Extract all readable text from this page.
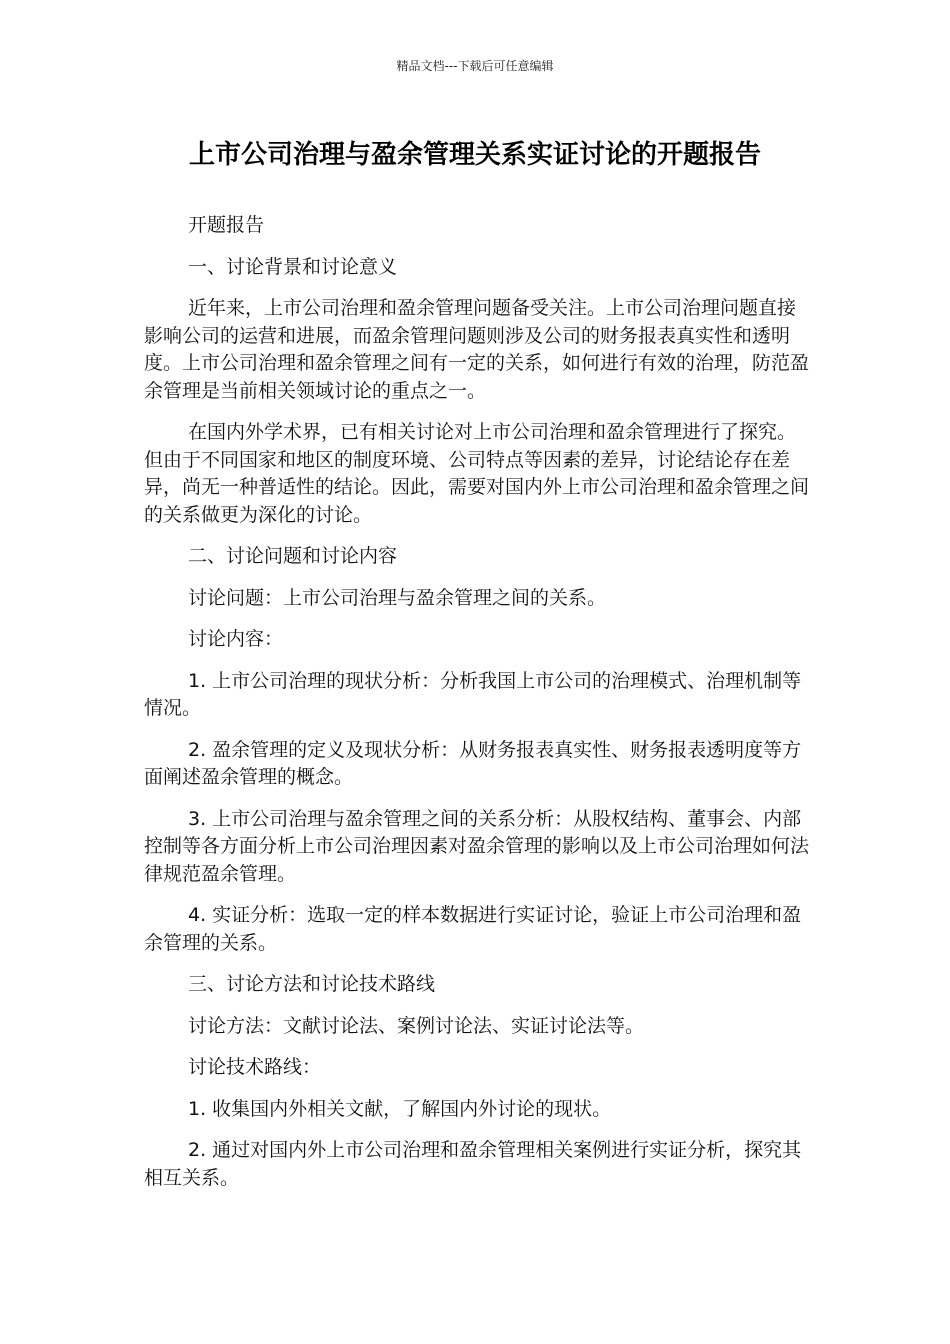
精品文档---下载后可任意编辑
上市公司治理与盈余管理关系实证讨论的开题报告

开题报告

一、讨论背景和讨论意义

近年来，上市公司治理和盈余管理问题备受关注。上市公司治理问题直接影响公司的运营和进展，而盈余管理问题则涉及公司的财务报表真实性和透明度。上市公司治理和盈余管理之间有一定的关系，如何进行有效的治理，防范盈余管理是当前相关领域讨论的重点之一。

在国内外学术界，已有相关讨论对上市公司治理和盈余管理进行了探究。但由于不同国家和地区的制度环境、公司特点等因素的差异，讨论结论存在差异，尚无一种普适性的结论。因此，需要对国内外上市公司治理和盈余管理之间的关系做更为深化的讨论。

二、讨论问题和讨论内容

讨论问题：上市公司治理与盈余管理之间的关系。

讨论内容：

1. 上市公司治理的现状分析：分析我国上市公司的治理模式、治理机制等情况。

2. 盈余管理的定义及现状分析：从财务报表真实性、财务报表透明度等方面阐述盈余管理的概念。

3. 上市公司治理与盈余管理之间的关系分析：从股权结构、董事会、内部控制等各方面分析上市公司治理因素对盈余管理的影响以及上市公司治理如何法律规范盈余管理。

4. 实证分析：选取一定的样本数据进行实证讨论，验证上市公司治理和盈余管理的关系。

三、讨论方法和讨论技术路线

讨论方法：文献讨论法、案例讨论法、实证讨论法等。

讨论技术路线：

1. 收集国内外相关文献，了解国内外讨论的现状。

2. 通过对国内外上市公司治理和盈余管理相关案例进行实证分析，探究其相互关系。
